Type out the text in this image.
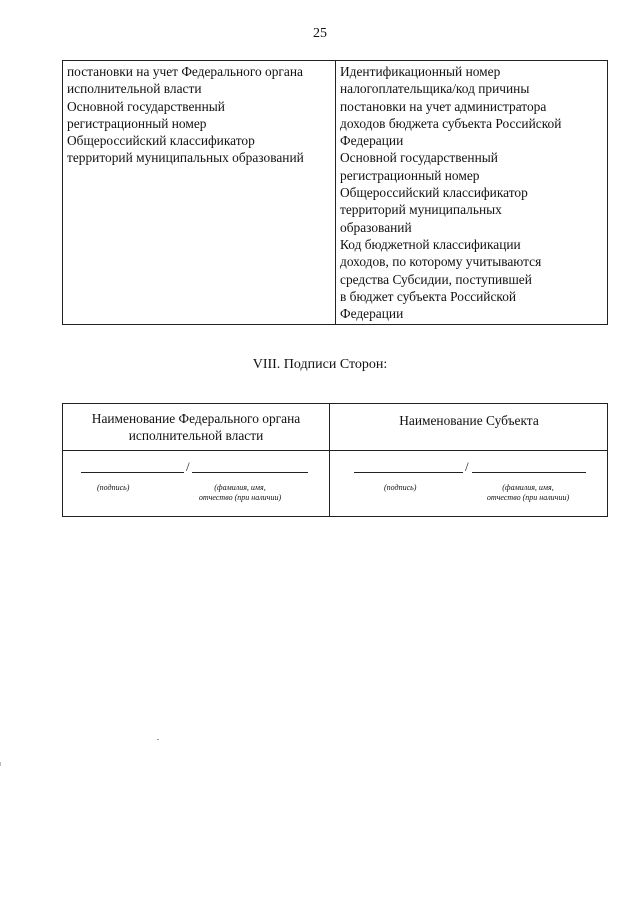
25
постановки на учет Федерального органа
исполнительной власти
Основной государственный
регистрационный номер
Общероссийский классификатор
территорий муниципальных образований

Идентификационный номер
налогоплательщика/код причины
постановки на учет администратора
доходов бюджета субъекта Российской
Федерации
Основной государственный
регистрационный номер
Общероссийский классификатор
территорий муниципальных
образований
Код бюджетной классификации
доходов, по которому учитываются
средства Субсидии, поступившей
в бюджет субъекта Российской
Федерации
VIII. Подписи Сторон:
Наименование Федерального органа
исполнительной власти
Наименование Субъекта
/
(подпись)	(фамилия, имя,
отчество (при наличии)
/
(подпись)	(фамилия, имя,
отчество (при наличии)
